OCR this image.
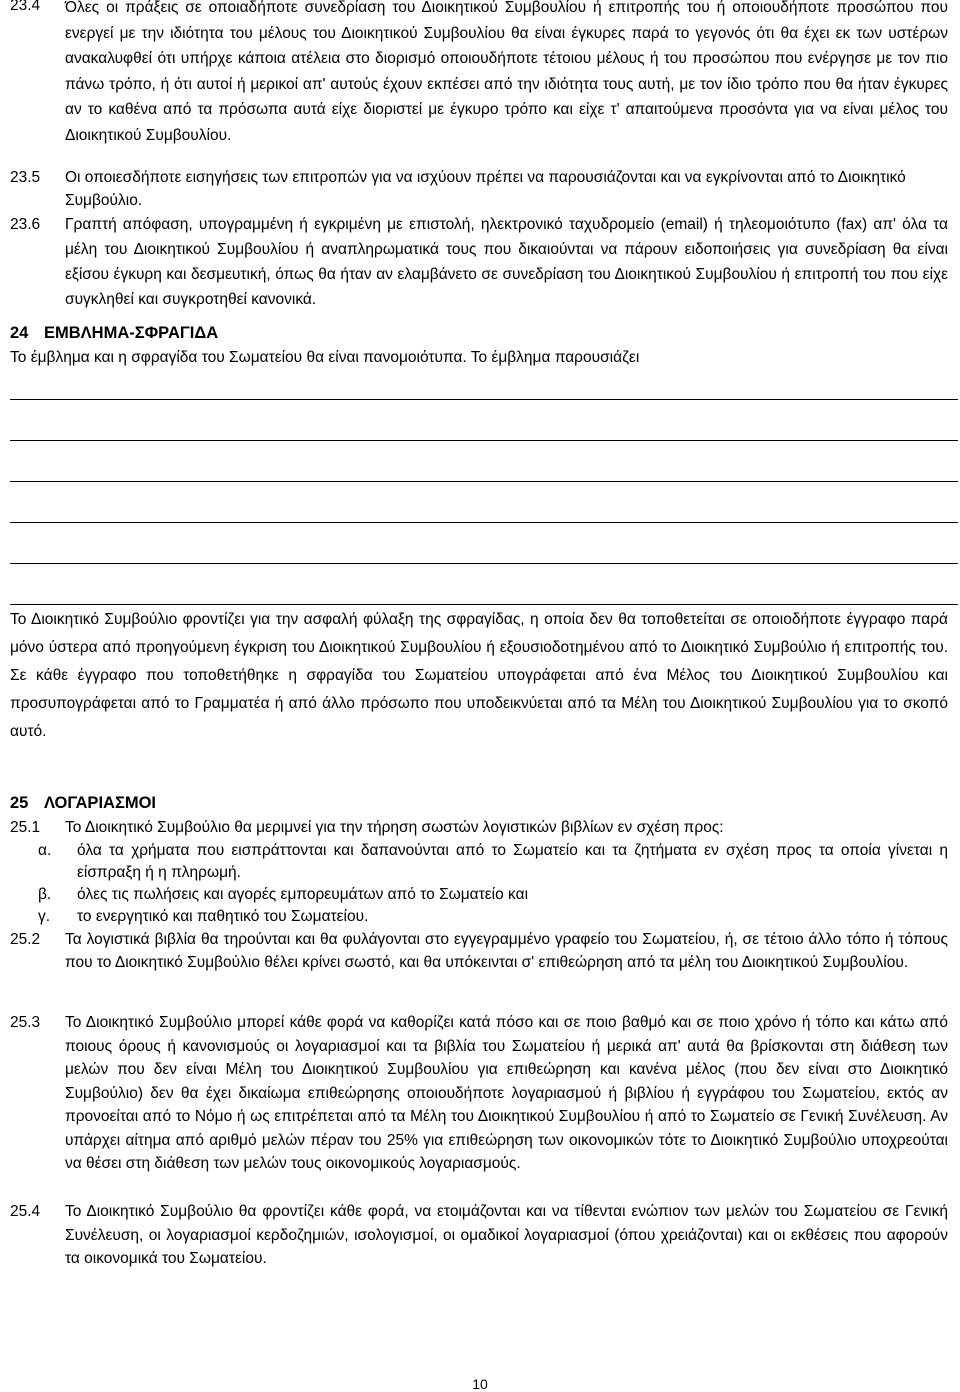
23.4	Όλες οι πράξεις σε οποιαδήποτε συνεδρίαση του Διοικητικού Συμβουλίου ή επιτροπής του ή οποιουδήποτε προσώπου που ενεργεί με την ιδιότητα του μέλους του Διοικητικού Συμβουλίου θα είναι έγκυρες παρά το γεγονός ότι θα έχει εκ των υστέρων ανακαλυφθεί ότι υπήρχε κάποια ατέλεια στο διορισμό οποιουδήποτε τέτοιου μέλους ή του προσώπου που ενέργησε με τον πιο πάνω τρόπο, ή ότι αυτοί ή μερικοί απ' αυτούς έχουν εκπέσει από την ιδιότητα τους αυτή, με τον ίδιο τρόπο που θα ήταν έγκυρες αν το καθένα από τα πρόσωπα αυτά είχε διοριστεί με έγκυρο τρόπο και είχε τ' απαιτούμενα προσόντα για να είναι μέλος του Διοικητικού Συμβουλίου.
23.5	Οι οποιεσδήποτε εισηγήσεις των επιτροπών για να ισχύουν πρέπει να παρουσιάζονται και να εγκρίνονται από το Διοικητικό Συμβούλιο.
23.6	Γραπτή απόφαση, υπογραμμένη ή εγκριμένη με επιστολή, ηλεκτρονικό ταχυδρομείο (email) ή τηλεομοιότυπο (fax) απ' όλα τα μέλη του Διοικητικού Συμβουλίου ή αναπληρωματικά τους που δικαιούνται να πάρουν ειδοποιήσεις για συνεδρίαση θα είναι εξίσου έγκυρη και δεσμευτική, όπως θα ήταν αν ελαμβάνετο σε συνεδρίαση του Διοικητικού Συμβουλίου ή επιτροπή του που είχε συγκληθεί και συγκροτηθεί κανονικά.
24 ΕΜΒΛΗΜΑ-ΣΦΡΑΓΙΔΑ
Το έμβλημα και η σφραγίδα του Σωματείου θα είναι πανομοιότυπα. Το έμβλημα παρουσιάζει
Το Διοικητικό Συμβούλιο φροντίζει για την ασφαλή φύλαξη της σφραγίδας, η οποία δεν θα τοποθετείται σε οποιοδήποτε έγγραφο παρά μόνο ύστερα από προηγούμενη έγκριση του Διοικητικού Συμβουλίου ή εξουσιοδοτημένου από το Διοικητικό Συμβούλιο ή επιτροπής του. Σε κάθε έγγραφο που τοποθετήθηκε η σφραγίδα του Σωματείου υπογράφεται από ένα Μέλος του Διοικητικού Συμβουλίου και προσυπογράφεται από το Γραμματέα ή από άλλο πρόσωπο που υποδεικνύεται από τα Μέλη του Διοικητικού Συμβουλίου για το σκοπό αυτό.
25 ΛΟΓΑΡΙΑΣΜΟΙ
25.1	Το Διοικητικό Συμβούλιο θα μεριμνεί για την τήρηση σωστών λογιστικών βιβλίων εν σχέση προς:
α. όλα τα χρήματα που εισπράττονται και δαπανούνται από το Σωματείο και τα ζητήματα εν σχέση προς τα οποία γίνεται η είσπραξη ή η πληρωμή.
β. όλες τις πωλήσεις και αγορές εμπορευμάτων από το Σωματείο και
γ. το ενεργητικό και παθητικό του Σωματείου.
25.2	Τα λογιστικά βιβλία θα τηρούνται και θα φυλάγονται στο εγγεγραμμένο γραφείο του Σωματείου, ή, σε τέτοιο άλλο τόπο ή τόπους που το Διοικητικό Συμβούλιο θέλει κρίνει σωστό, και θα υπόκεινται σ' επιθεώρηση από τα μέλη του Διοικητικού Συμβουλίου.
25.3	Το Διοικητικό Συμβούλιο μπορεί κάθε φορά να καθορίζει κατά πόσο και σε ποιο βαθμό και σε ποιο χρόνο ή τόπο και κάτω από ποιους όρους ή κανονισμούς οι λογαριασμοί και τα βιβλία του Σωματείου ή μερικά απ' αυτά θα βρίσκονται στη διάθεση των μελών που δεν είναι Μέλη του Διοικητικού Συμβουλίου για επιθεώρηση και κανένα μέλος (που δεν είναι στο Διοικητικό Συμβούλιο) δεν θα έχει δικαίωμα επιθεώρησης οποιουδήποτε λογαριασμού ή βιβλίου ή εγγράφου του Σωματείου, εκτός αν προνοείται από το Νόμο ή ως επιτρέπεται από τα Μέλη του Διοικητικού Συμβουλίου ή από το Σωματείο σε Γενική Συνέλευση. Αν υπάρχει αίτημα από αριθμό μελών πέραν του 25% για επιθεώρηση των οικονομικών τότε το Διοικητικό Συμβούλιο υποχρεούται να θέσει στη διάθεση των μελών τους οικονομικούς λογαριασμούς.
25.4	Το Διοικητικό Συμβούλιο θα φροντίζει κάθε φορά, να ετοιμάζονται και να τίθενται ενώπιον των μελών του Σωματείου σε Γενική Συνέλευση, οι λογαριασμοί κερδοζημιών, ισολογισμοί, οι ομαδικοί λογαριασμοί (όπου χρειάζονται) και οι εκθέσεις που αφορούν τα οικονομικά του Σωματείου.
10
